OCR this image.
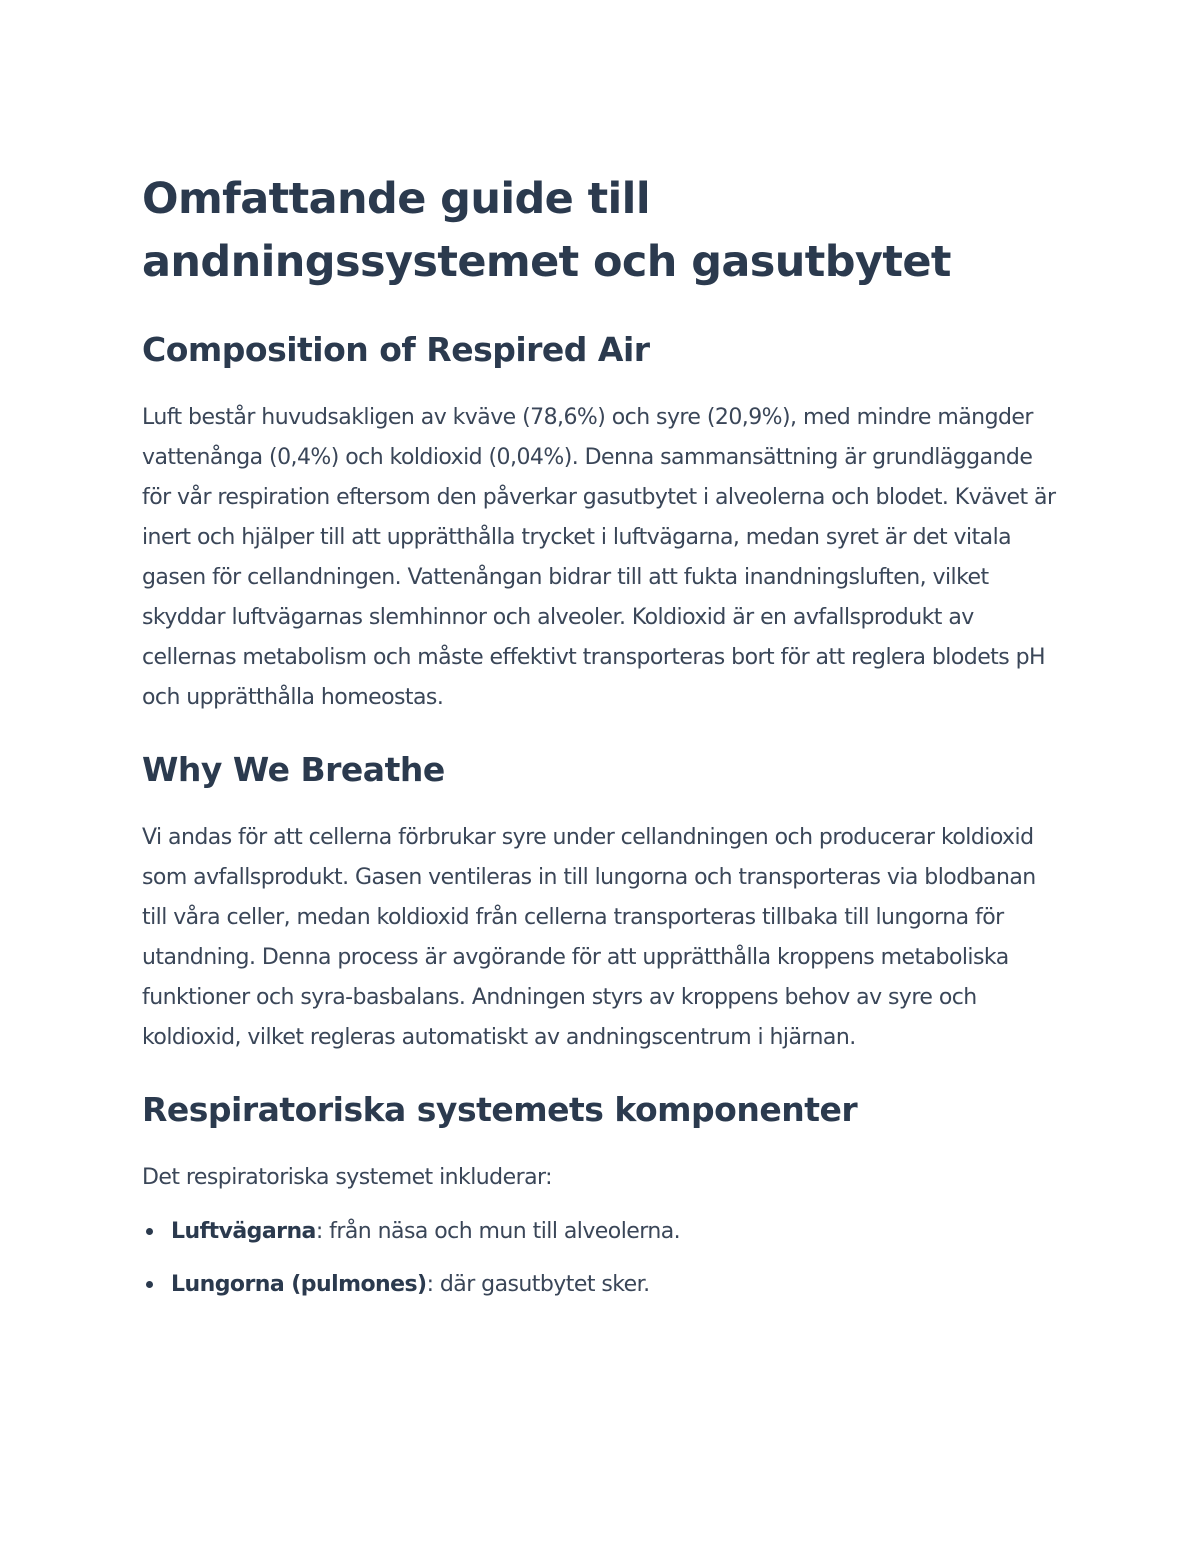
Omfattande guide till andningssystemet och gasutbytet
Composition of Respired Air

Luft består huvudsakligen av kväve (78,6%) och syre (20,9%), med mindre mängder vattenånga (0,4%) och koldioxid (0,04%). Denna sammansättning är grundläggande för vår respiration eftersom den påverkar gasutbytet i alveolerna och blodet. Kvävet är inert och hjälper till att upprätthålla trycket i luftvägarna, medan syret är det vitala gasen för cellandningen. Vattenångan bidrar till att fukta inandningsluften, vilket skyddar luftvägarnas slemhinnor och alveoler. Koldioxid är en avfallsprodukt av cellernas metabolism och måste effektivt transporteras bort för att reglera blodets pH och upprätthålla homeostas.

Why We Breathe

Vi andas för att cellerna förbrukar syre under cellandningen och producerar koldioxid som avfallsprodukt. Gasen ventileras in till lungorna och transporteras via blodbanan till våra celler, medan koldioxid från cellerna transporteras tillbaka till lungorna för utandning. Denna process är avgörande för att upprätthålla kroppens metaboliska funktioner och syra-basbalans. Andningen styrs av kroppens behov av syre och koldioxid, vilket regleras automatiskt av andningscentrum i hjärnan.

Respiratoriska systemets komponenter

Det respiratoriska systemet inkluderar:

Luftvägarna: från näsa och mun till alveolerna.
Lungorna (pulmones): där gasutbytet sker.
